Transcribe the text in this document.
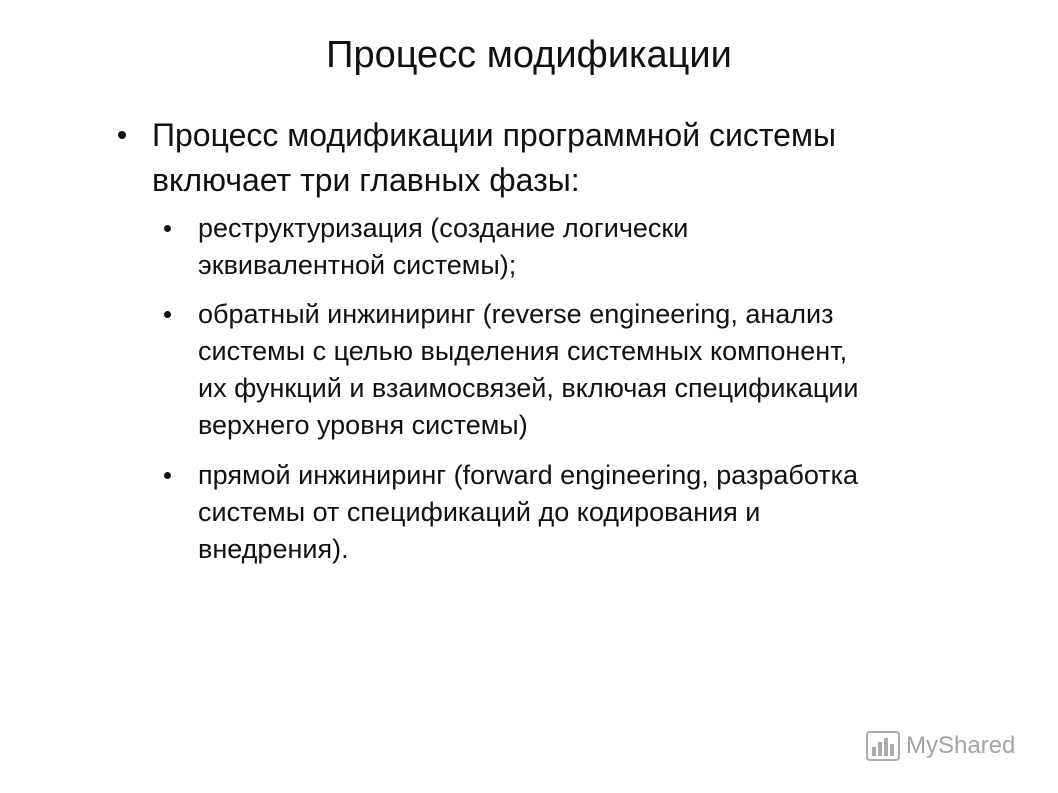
Процесс модификации
Процесс модификации программной системы
включает три главных фазы:
реструктуризация (создание логически
эквивалентной системы);
обратный инжиниринг (reverse engineering, анализ
системы с целью выделения системных компонент,
их функций и взаимосвязей, включая спецификации
верхнего уровня системы)
прямой инжиниринг (forward engineering, разработка
системы от спецификаций до кодирования и
внедрения).
MyShared
